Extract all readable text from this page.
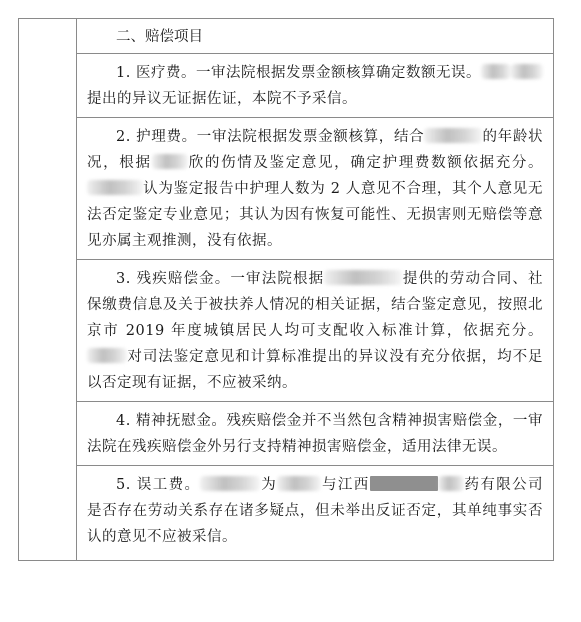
	二、赔偿项目

1. 医疗费。一审法院根据发票金额核算确定数额无误。提出的异议无证据佐证，本院不予采信。

2. 护理费。一审法院根据发票金额核算，结合	的年龄状况，根据 欣的伤情及鉴定意见，确定护理费数额依据充分。认为鉴定报告中护理人数为 2 人意见不合理，其个人意见无法否定鉴定专业意见；其认为因有恢复可能性、无损害则无赔偿等意见亦属主观推测，没有依据。

3. 残疾赔偿金。一审法院根据	提供的劳动合同、社保缴费信息及关于被扶养人情况的相关证据，结合鉴定意见，按照北京市 2019 年度城镇居民人均可支配收入标准计算，依据充分。对司法鉴定意见和计算标准提出的异议没有充分依据，均不足以否定现有证据，不应被采纳。

4. 精神抚慰金。残疾赔偿金并不当然包含精神损害赔偿金，一审法院在残疾赔偿金外另行支持精神损害赔偿金，适用法律无误。

5. 误工费。	为	与江西	药有限公司是否存在劳动关系存在诸多疑点，但未举出反证否定，其单纯事实否认的意见不应被采信。
